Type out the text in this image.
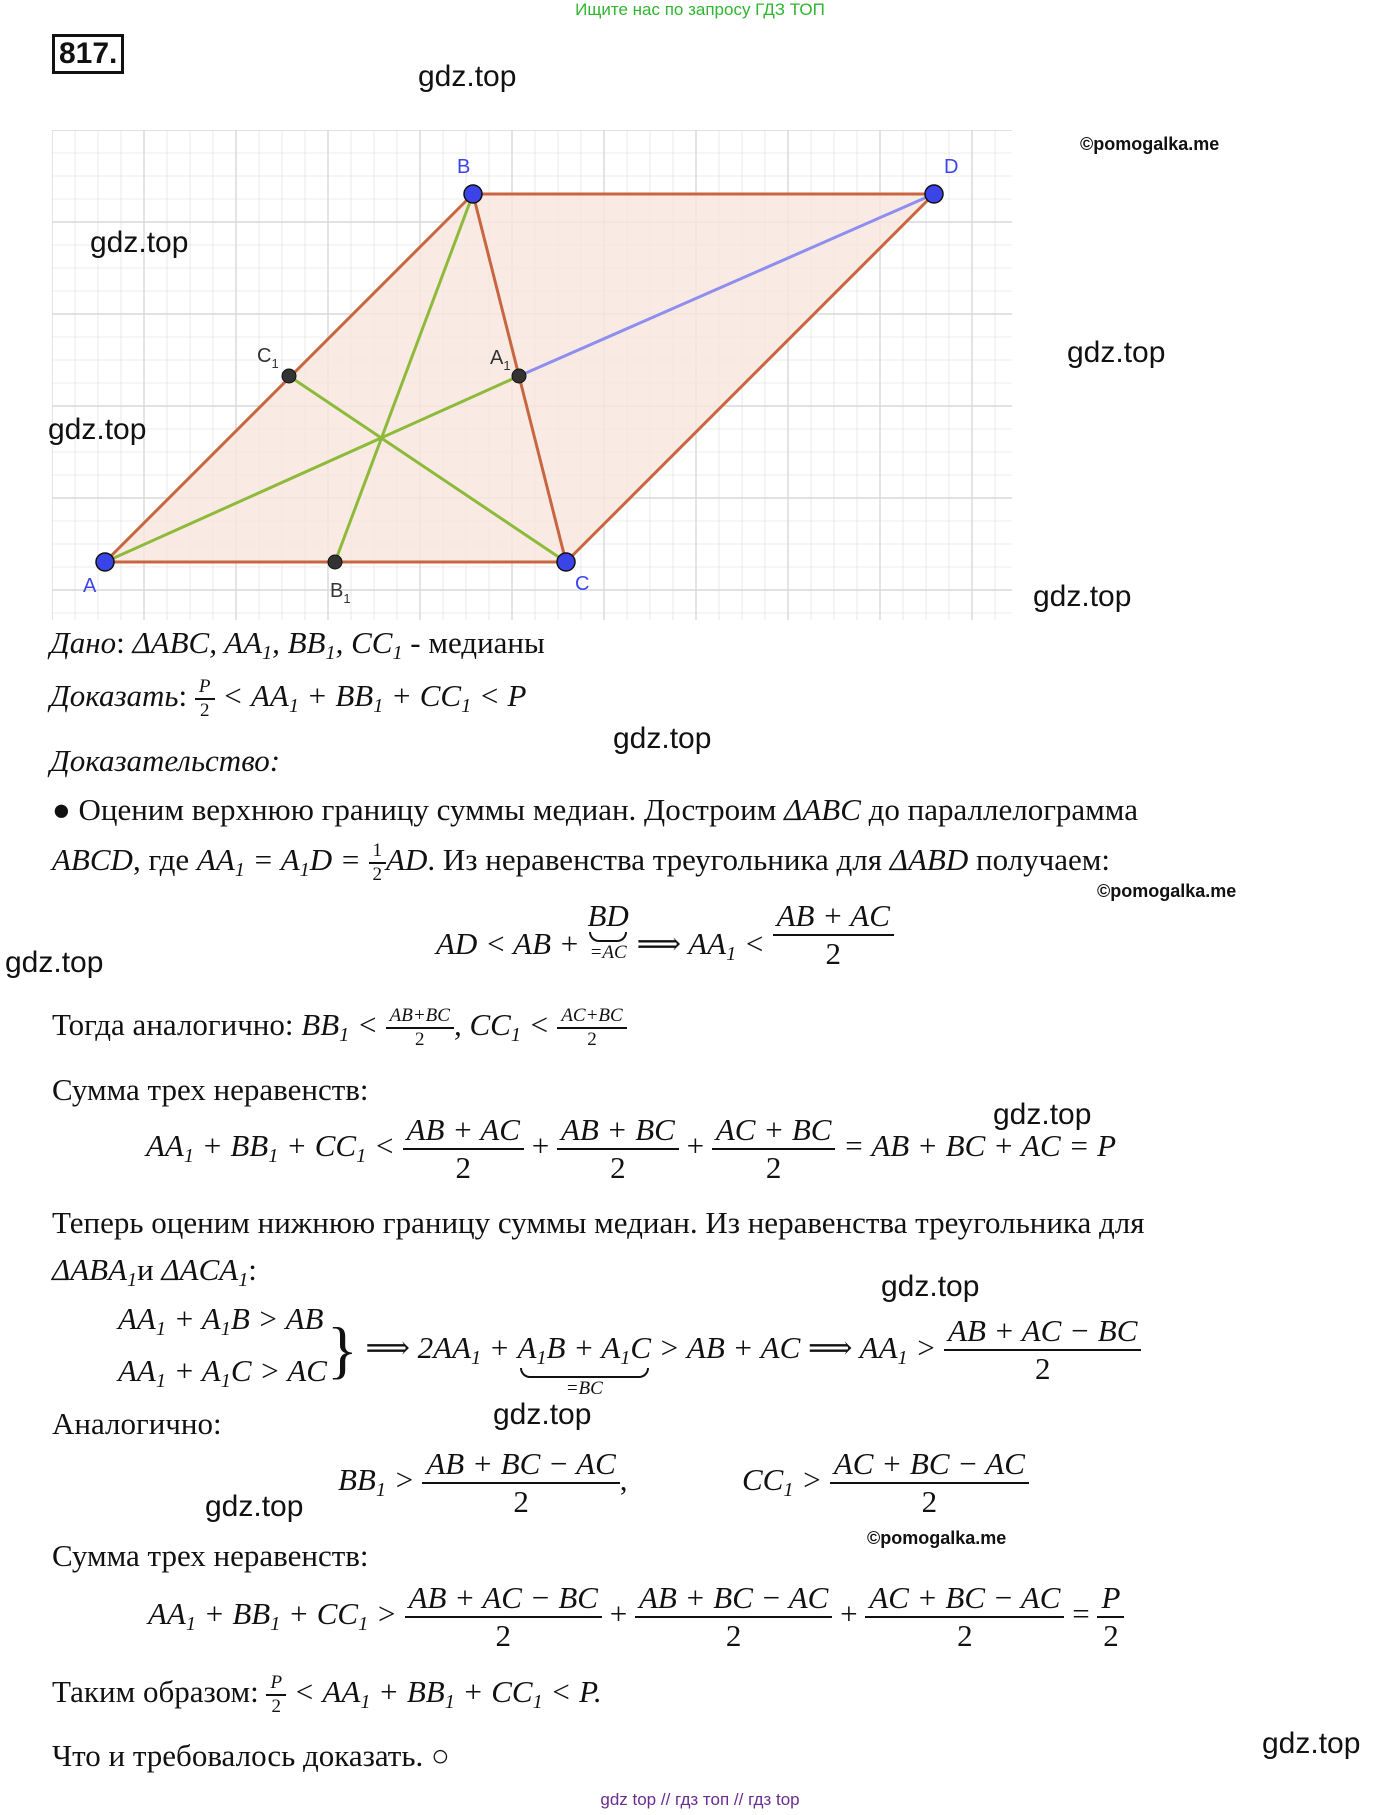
Ищите нас по запросу ГДЗ ТОП
817.
A
B
C
D
$A_1$
$B_1$
$C_1$
gdz.top
©pomogalka.me
gdz.top
gdz.top
gdz.top
gdz.top
gdz.top
©pomogalka.me
gdz.top
gdz.top
gdz.top
gdz.top
gdz.top
©pomogalka.me
gdz.top
Дано: ΔABC, $AA_1$, $BB_1$, $CC_1$ - медианы
Доказать: $\frac{P}{2} < AA_1 + BB_1 + CC_1 < P$
Доказательство:
● Оценим верхнюю границу суммы медиан. Достроим ΔABC до параллелограмма
ABCD, где $AA_1 = A_1D = \frac{1}{2}$ AD. Из неравенства треугольника для ΔABD получаем:
AD < AB +
BD
=AC ⟹ $AA_1 < \frac{AB + AC}{2}$
Тогда аналогично: $BB_1 < \frac{AB+BC}{2}$ , $CC_1 < \frac{AC+BC}{2}$
Сумма трех неравенств:
$AA_1 + BB_1 + CC_1 < \frac{AB + AC}{2} + \frac{AB + BC}{2} + \frac{AC + BC}{2}$ = AB + BC + AC = P
Теперь оценим нижнюю границу суммы медиан. Из неравенства треугольника для
$\Delta ABA_1и$ $\Delta ACA_1$:
$AA_1 + A_1B$ > AB
$AA_1 + A_1C$ > AC } ⟹ $2AA_1 + A_1B + A_1C$
=BC
> AB + AC ⟹ $AA_1 > \frac{AB + AC - BC}{2}$
Аналогично:
$BB_1 > \frac{AB + BC - AC}{2}$ ,	$CC_1 > \frac{AC + BC - AC}{2}$
Сумма трех неравенств:
$AA_1 + BB_1 + CC_1 > \frac{AB + AC - BC}{2} + \frac{AB + BC - AC}{2} + \frac{AC + BC - AC}{2} = \frac{P}{2}$
Таким образом: $\frac{P}{2} < AA_1 + BB_1 + CC_1 < P$.
Что и требовалось доказать. ○
gdz top // гдз топ // гдз top
